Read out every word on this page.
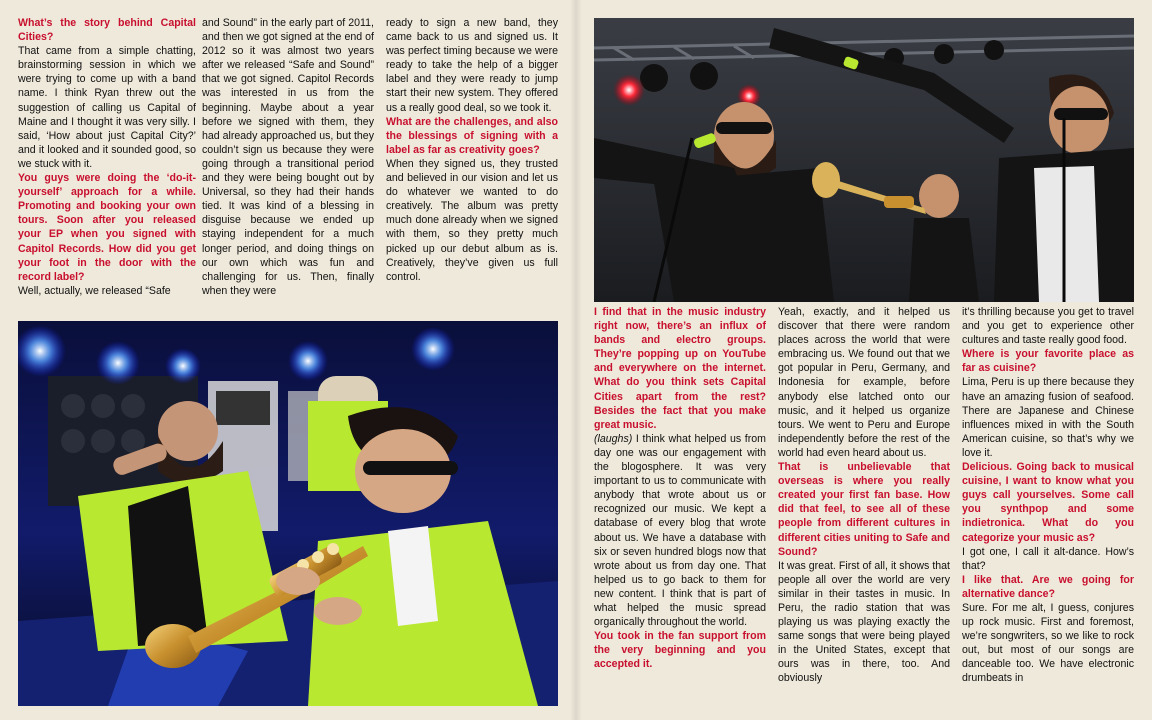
What’s the story behind Capital Cities?

That came from a simple chatting, brainstorming session in which we were trying to come up with a band name. I think Ryan threw out the suggestion of calling us Capital of Maine and I thought it was very silly. I said, ‘How about just Capital City?’ and it looked and it sounded good, so we stuck with it.

You guys were doing the ‘do-it-yourself’ approach for a while. Promoting and booking your own tours. Soon after you released your EP when you signed with Capitol Records. How did you get your foot in the door with the record label?

Well, actually, we released “Safe

and Sound” in the early part of 2011, and then we got signed at the end of 2012 so it was almost two years after we released “Safe and Sound” that we got signed. Capitol Records was interested in us from the beginning. Maybe about a year before we signed with them, they had already approached us, but they couldn’t sign us because they were going through a transitional period and they were being bought out by Universal, so they had their hands tied. It was kind of a blessing in disguise because we ended up staying independent for a much longer period, and doing things on our own which was fun and challenging for us. Then, finally when they were

ready to sign a new band, they came back to us and signed us. It was perfect timing because we were ready to take the help of a bigger label and they were ready to jump start their new system. They offered us a really good deal, so we took it.

What are the challenges, and also the blessings of signing with a label as far as creativity goes?

When they signed us, they trusted and believed in our vision and let us do whatever we wanted to do creatively. The album was pretty much done already when we signed with them, so they pretty much picked up our debut album as is. Creatively, they’ve given us full control.

I find that in the music industry right now, there’s an influx of bands and electro groups. They’re popping up on YouTube and everywhere on the internet. What do you think sets Capital Cities apart from the rest? Besides the fact that you make great music.

(laughs) I think what helped us from day one was our engagement with the blogosphere. It was very important to us to communicate with anybody that wrote about us or recognized our music. We kept a database of every blog that wrote about us. We have a database with six or seven hundred blogs now that wrote about us from day one. That helped us to go back to them for new content. I think that is part of what helped the music spread organically throughout the world.

You took in the fan support from the very beginning and you accepted it.

Yeah, exactly, and it helped us discover that there were random places across the world that were embracing us. We found out that we got popular in Peru, Germany, and Indonesia for example, before anybody else latched onto our music, and it helped us organize tours. We went to Peru and Europe independently before the rest of the world had even heard about us.

That is unbelievable that overseas is where you really created your first fan base. How did that feel, to see all of these people from different cultures in different cities uniting to Safe and Sound?

It was great. First of all, it shows that people all over the world are very similar in their tastes in music. In Peru, the radio station that was playing us was playing exactly the same songs that were being played in the United States, except that ours was in there, too. And obviously

it’s thrilling because you get to travel and you get to experience other cultures and taste really good food.

Where is your favorite place as far as cuisine?

Lima, Peru is up there because they have an amazing fusion of seafood. There are Japanese and Chinese influences mixed in with the South American cuisine, so that’s why we love it.

Delicious. Going back to musical cuisine, I want to know what you guys call yourselves. Some call you synthpop and some indietronica. What do you categorize your music as?

I got one, I call it alt-dance. How’s that?

I like that. Are we going for alternative dance?

Sure. For me alt, I guess, conjures up rock music. First and foremost, we’re songwriters, so we like to rock out, but most of our songs are danceable too. We have electronic drumbeats in
